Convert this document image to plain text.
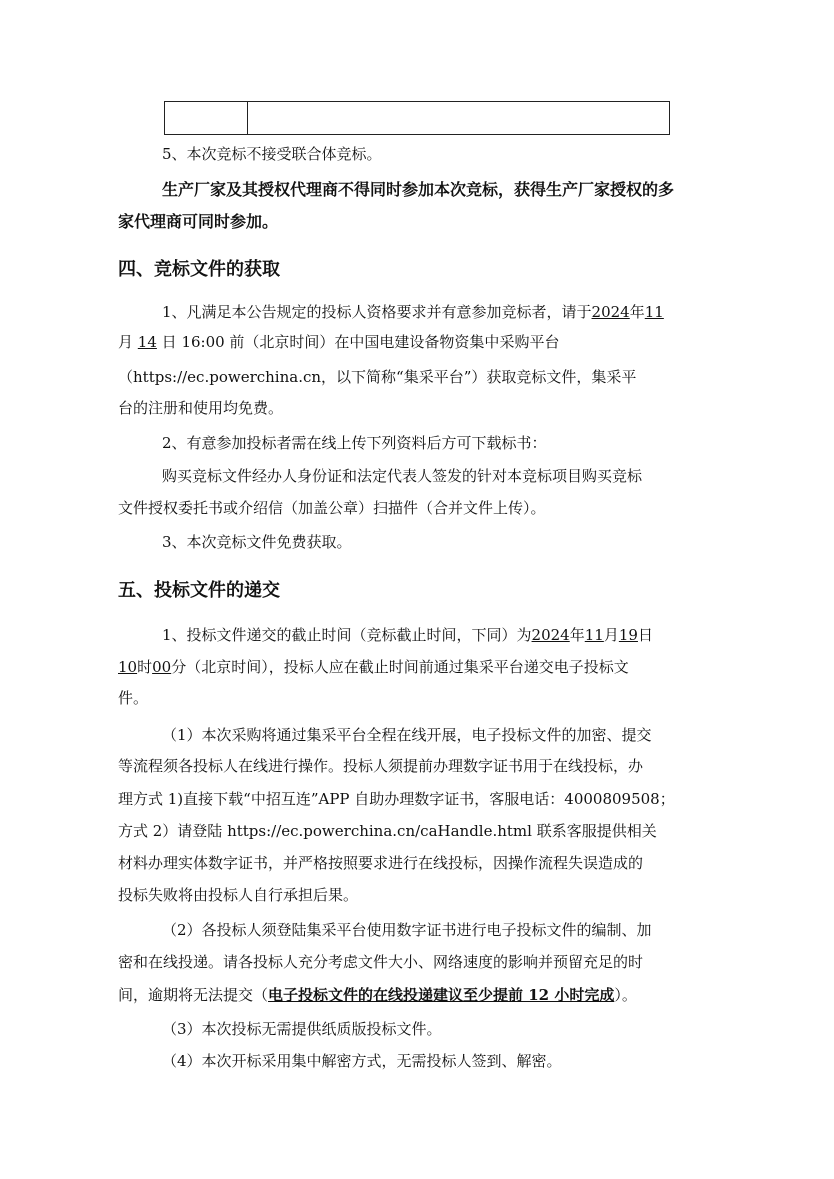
5、本次竞标不接受联合体竞标。
生产厂家及其授权代理商不得同时参加本次竞标，获得生产厂家授权的多
家代理商可同时参加。
四、竞标文件的获取
1、凡满足本公告规定的投标人资格要求并有意参加竞标者，请于2024年11
月 14 日 16:00 前（北京时间）在中国电建设备物资集中采购平台
（https://ec.powerchina.cn，以下简称“集采平台”）获取竞标文件，集采平
台的注册和使用均免费。
2、有意参加投标者需在线上传下列资料后方可下载标书：
购买竞标文件经办人身份证和法定代表人签发的针对本竞标项目购买竞标
文件授权委托书或介绍信（加盖公章）扫描件（合并文件上传）。
3、本次竞标文件免费获取。
五、投标文件的递交
1、投标文件递交的截止时间（竞标截止时间，下同）为2024年11月19日
10时00分（北京时间），投标人应在截止时间前通过集采平台递交电子投标文
件。
（1）本次采购将通过集采平台全程在线开展，电子投标文件的加密、提交
等流程须各投标人在线进行操作。投标人须提前办理数字证书用于在线投标，办
理方式 1)直接下载“中招互连”APP 自助办理数字证书，客服电话：4000809508；
方式 2）请登陆 https://ec.powerchina.cn/caHandle.html 联系客服提供相关
材料办理实体数字证书，并严格按照要求进行在线投标，因操作流程失误造成的
投标失败将由投标人自行承担后果。
（2）各投标人须登陆集采平台使用数字证书进行电子投标文件的编制、加
密和在线投递。请各投标人充分考虑文件大小、网络速度的影响并预留充足的时
间，逾期将无法提交（电子投标文件的在线投递建议至少提前 12 小时完成）。
（3）本次投标无需提供纸质版投标文件。
（4）本次开标采用集中解密方式，无需投标人签到、解密。
